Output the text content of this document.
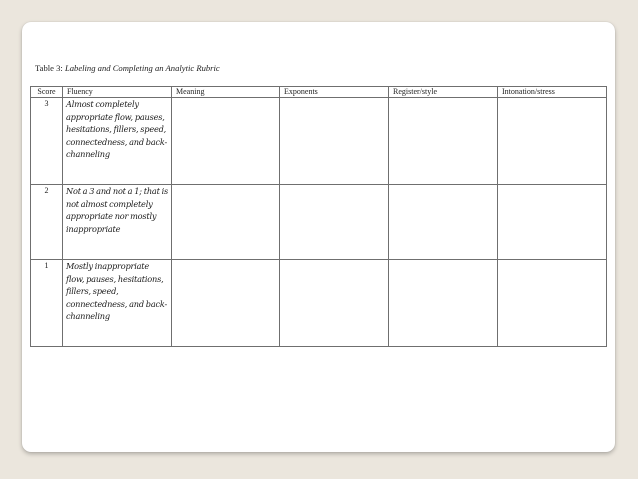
Table 3: Labeling and Completing an Analytic Rubric
Score	Fluency	Meaning	Exponents	Register/style	Intonation/stress
3	Almost completely appropriate flow, pauses, hesitations, fillers, speed, connectedness, and back-channeling				
2	Not a 3 and not a 1; that is not almost completely appropriate nor mostly inappropriate				
1	Mostly inappropriate flow, pauses, hesitations, fillers, speed, connectedness, and back-channeling				
